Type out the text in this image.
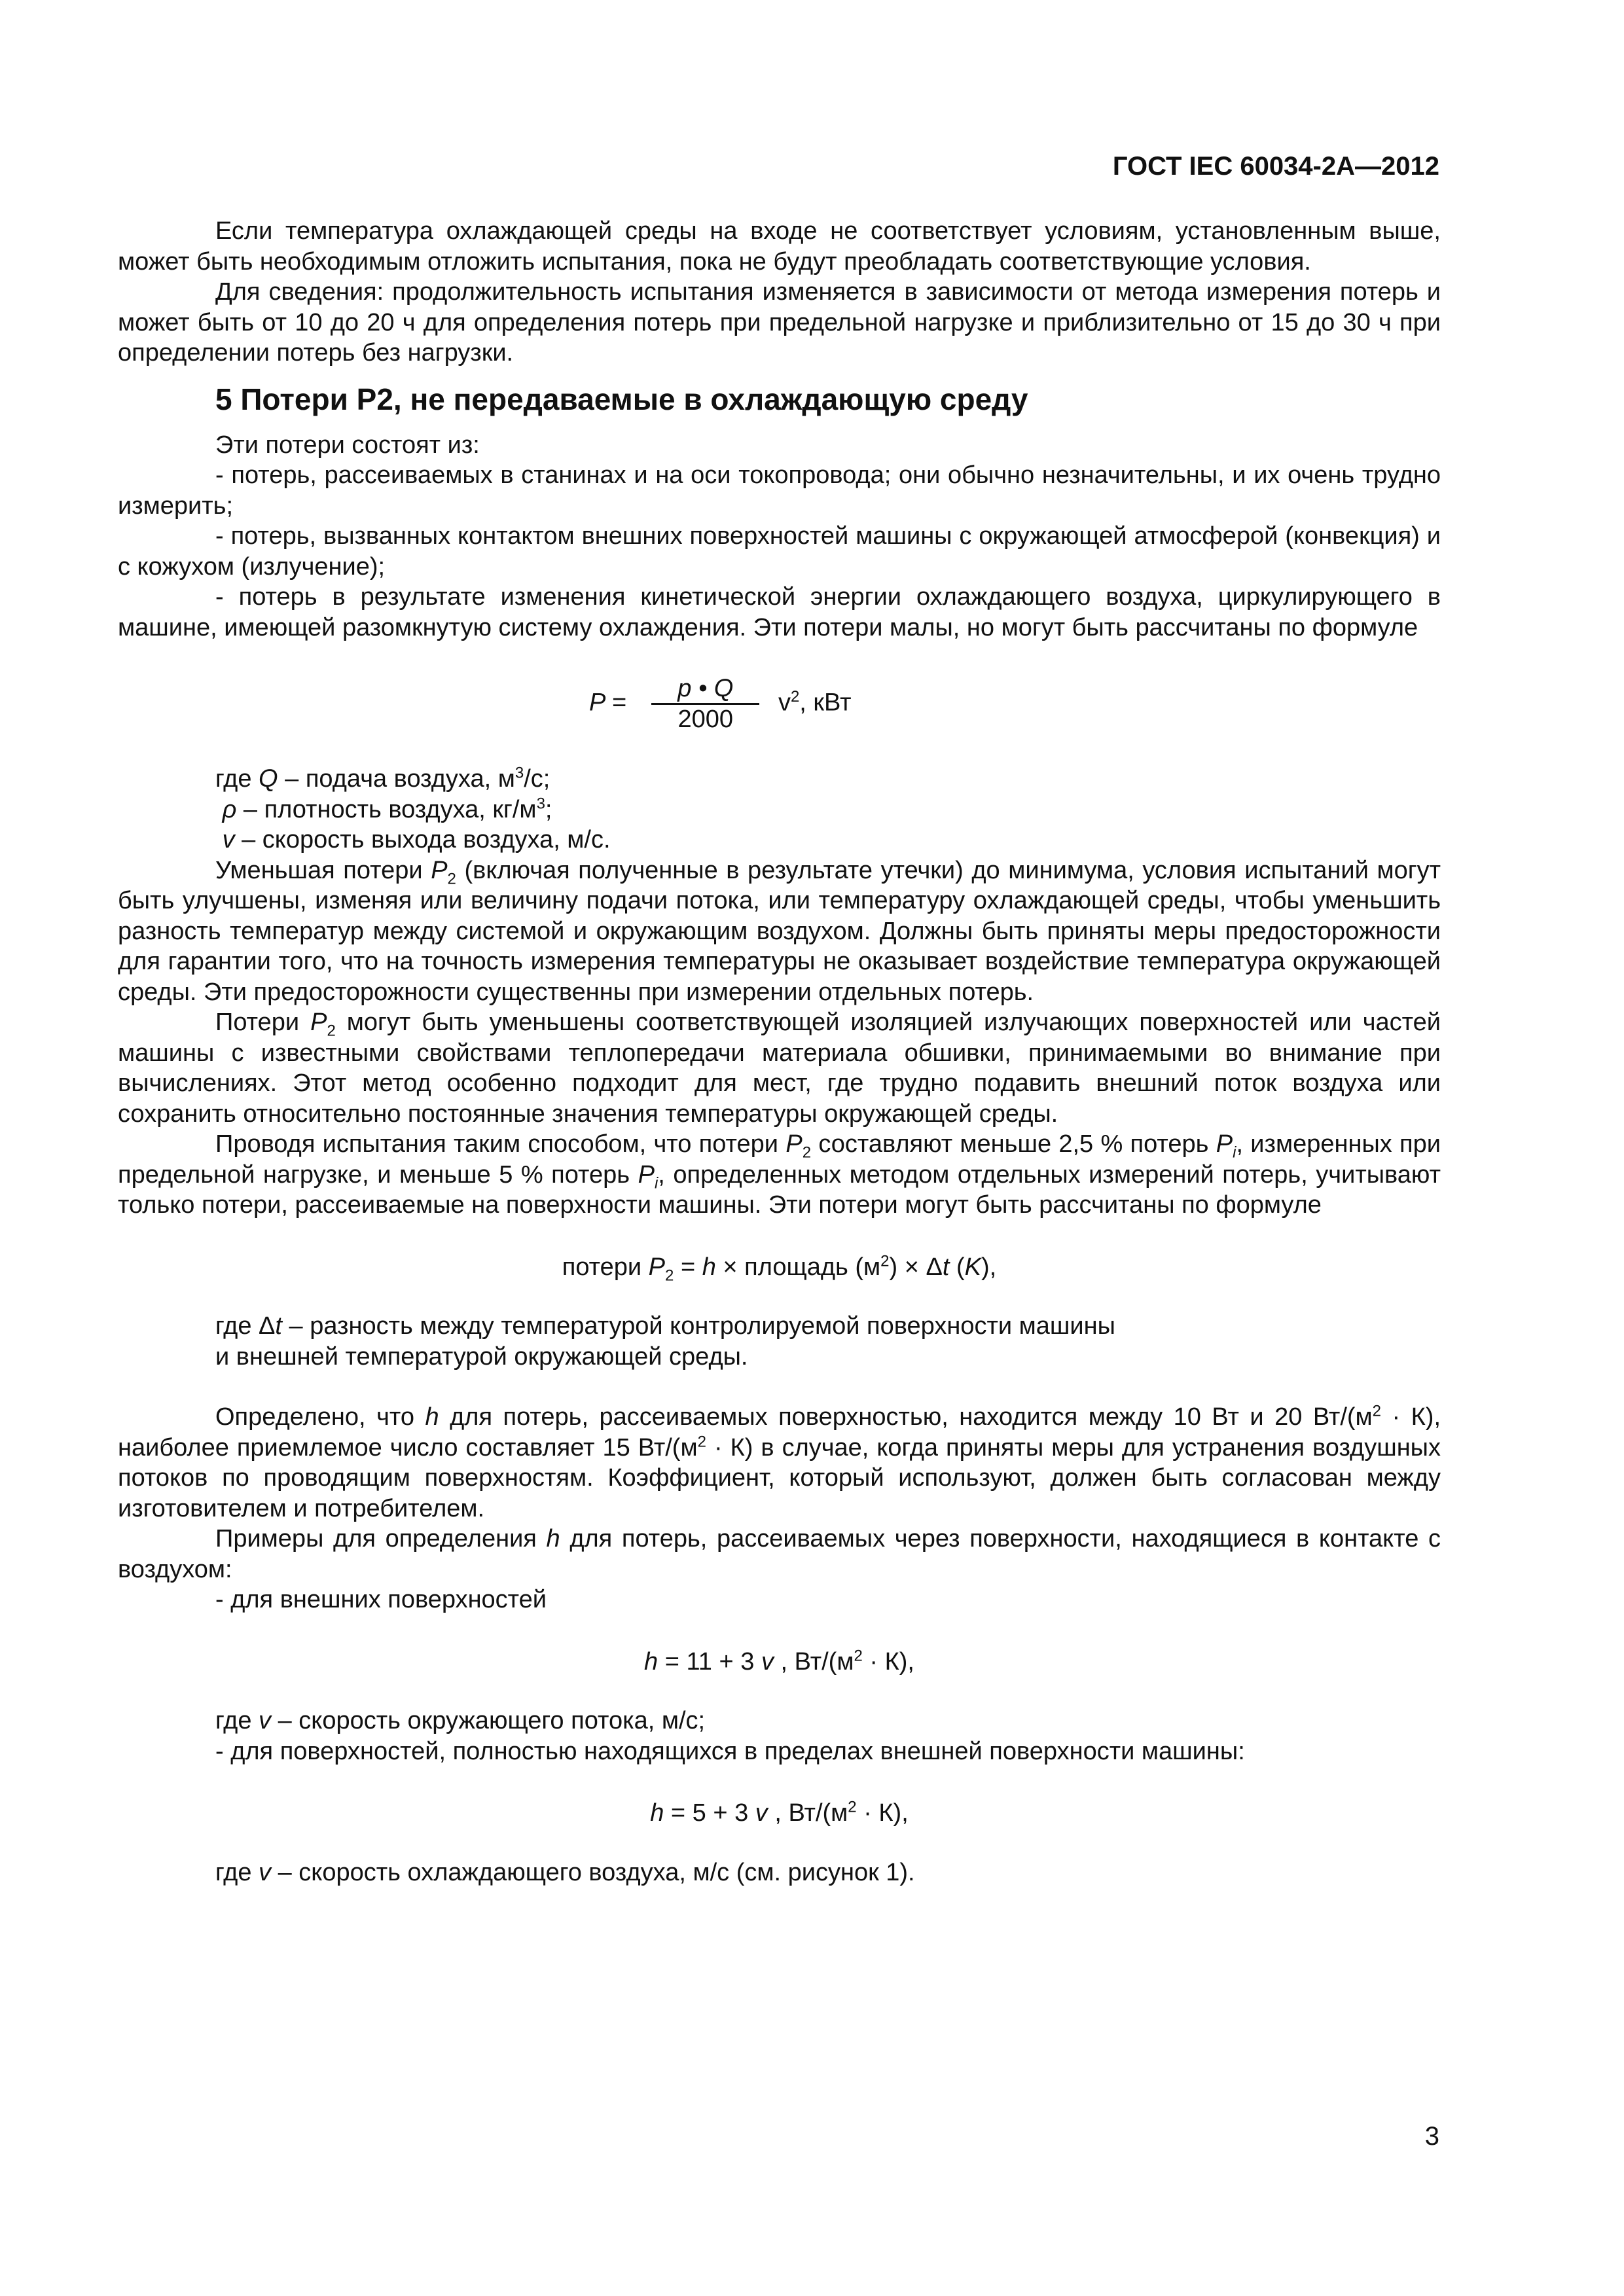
ГОСТ IEC 60034-2А—2012

Если температура охлаждающей среды на входе не соответствует условиям, установленным выше, может быть необходимым отложить испытания, пока не будут преобладать соответствующие условия.

Для сведения: продолжительность испытания изменяется в зависимости от метода измерения потерь и может быть от 10 до 20 ч для определения потерь при предельной нагрузке и приблизительно от 15 до 30 ч при определении потерь без нагрузки.

5 Потери Р2, не передаваемые в охлаждающую среду

Эти потери состоят из:

- потерь, рассеиваемых в станинах и на оси токопровода; они обычно незначительны, и их очень трудно измерить;

- потерь, вызванных контактом внешних поверхностей машины с окружающей атмосферой (конвекция) и с кожухом (излучение);

- потерь в результате изменения кинетической энергии охлаждающего воздуха, циркулирующего в машине, имеющей разомкнутую систему охлаждения. Эти потери малы, но могут быть рассчитаны по формуле

$P = \frac{p • Q}{2000} v^2$, кВт

где Q – подача воздуха, $м^3/с$;

ρ – плотность воздуха, $кг/м^3$;

v – скорость выхода воздуха, м/с.

Уменьшая потери $P_2$ (включая полученные в результате утечки) до минимума, условия испытаний могут быть улучшены, изменяя или величину подачи потока, или температуру охлаждающей среды, чтобы уменьшить разность температур между системой и окружающим воздухом. Должны быть приняты меры предосторожности для гарантии того, что на точность измерения температуры не оказывает воздействие температура окружающей среды. Эти предосторожности существенны при измерении отдельных потерь.

Потери $P_2$ могут быть уменьшены соответствующей изоляцией излучающих поверхностей или частей машины с известными свойствами теплопередачи материала обшивки, принимаемыми во внимание при вычислениях. Этот метод особенно подходит для мест, где трудно подавить внешний поток воздуха или сохранить относительно постоянные значения температуры окружающей среды.

Проводя испытания таким способом, что потери $P_2$ составляют меньше 2,5 % потерь $P_i$, измеренных при предельной нагрузке, и меньше 5 % потерь $P_i$, определенных методом отдельных измерений потерь, учитывают только потери, рассеиваемые на поверхности машины. Эти потери могут быть рассчитаны по формуле

потери $P_2 = h$ × площадь $(м^2) \times \Delta t$ (K),

где Δt – разность между температурой контролируемой поверхности машины

и внешней температурой окружающей среды.

Определено, что h для потерь, рассеиваемых поверхностью, находится между 10 Вт и 20 $Вт/(м^2 \cdot К)$, наиболее приемлемое число составляет 15 $Вт/(м^2 \cdot К)$ в случае, когда приняты меры для устранения воздушных потоков по проводящим поверхностям. Коэффициент, который используют, должен быть согласован между изготовителем и потребителем.

Примеры для определения h для потерь, рассеиваемых через поверхности, находящиеся в контакте с воздухом:

- для внешних поверхностей

h = 11 + 3 v , $Вт/(м^2 \cdot К)$,

где v – скорость окружающего потока, м/с;

- для поверхностей, полностью находящихся в пределах внешней поверхности машины:

h = 5 + 3 v , $Вт/(м^2 \cdot К)$,

где v – скорость охлаждающего воздуха, м/с (см. рисунок 1).

3
